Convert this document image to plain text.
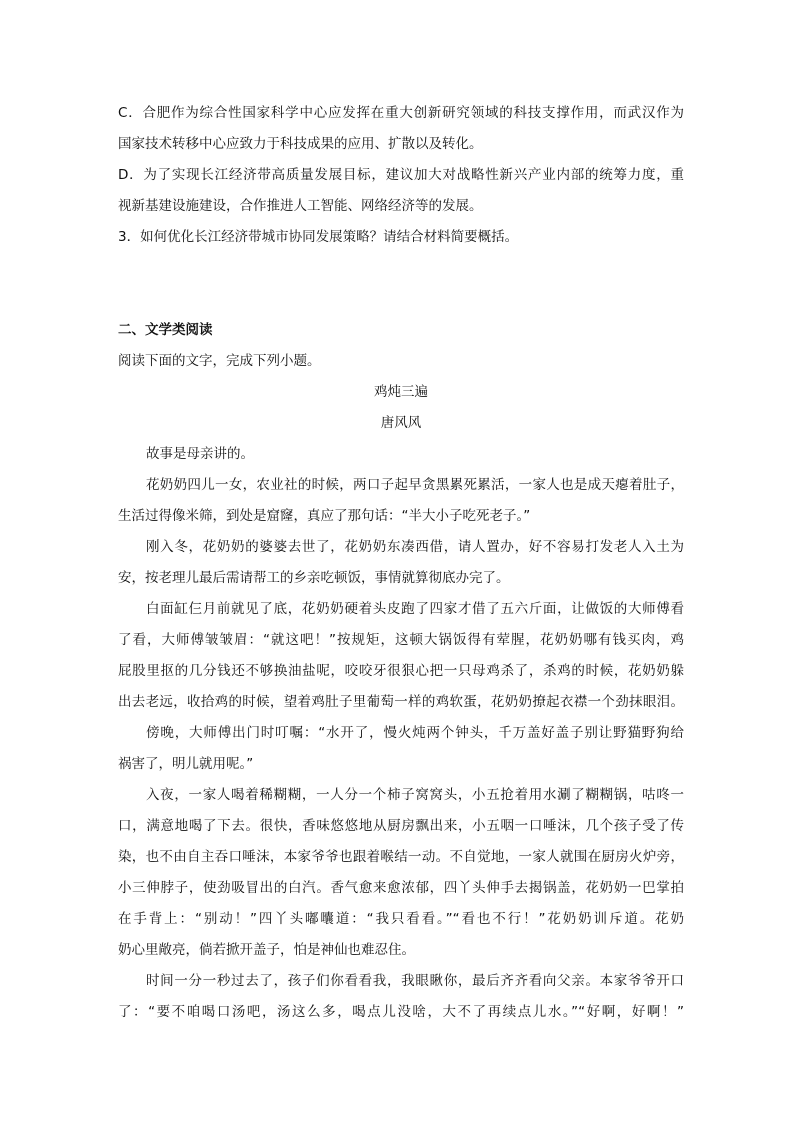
C．合肥作为综合性国家科学中心应发挥在重大创新研究领域的科技支撑作用，而武汉作为
国家技术转移中心应致力于科技成果的应用、扩散以及转化。
D．为了实现长江经济带高质量发展目标，建议加大对战略性新兴产业内部的统筹力度，重
视新基建设施建设，合作推进人工智能、网络经济等的发展。
3．如何优化长江经济带城市协同发展策略？请结合材料简要概括。
二、文学类阅读
阅读下面的文字，完成下列小题。
鸡炖三遍
唐风风
故事是母亲讲的。
花奶奶四儿一女，农业社的时候，两口子起早贪黑累死累活，一家人也是成天瘪着肚子，
生活过得像米筛，到处是窟窿，真应了那句话：“半大小子吃死老子。”
刚入冬，花奶奶的婆婆去世了，花奶奶东凑西借，请人置办，好不容易打发老人入土为
安，按老理儿最后需请帮工的乡亲吃顿饭，事情就算彻底办完了。
白面缸仨月前就见了底，花奶奶硬着头皮跑了四家才借了五六斤面，让做饭的大师傅看
了看，大师傅皱皱眉：“就这吧！”按规矩，这顿大锅饭得有荤腥，花奶奶哪有钱买肉，鸡
屁股里抠的几分钱还不够换油盐呢，咬咬牙很狠心把一只母鸡杀了，杀鸡的时候，花奶奶躲
出去老远，收拾鸡的时候，望着鸡肚子里葡萄一样的鸡软蛋，花奶奶撩起衣襟一个劲抹眼泪。
傍晚，大师傅出门时叮嘱：“水开了，慢火炖两个钟头，千万盖好盖子别让野猫野狗给
祸害了，明儿就用呢。”
入夜，一家人喝着稀糊糊，一人分一个柿子窝窝头，小五抢着用水涮了糊糊锅，咕咚一
口，满意地喝了下去。很快，香味悠悠地从厨房飘出来，小五咽一口唾沫，几个孩子受了传
染，也不由自主吞口唾沫，本家爷爷也跟着喉结一动。不自觉地，一家人就围在厨房火炉旁，
小三伸脖子，使劲吸冒出的白汽。香气愈来愈浓郁，四丫头伸手去揭锅盖，花奶奶一巴掌拍
在手背上：“别动！”四丫头嘟囔道：“我只看看。”“看也不行！”花奶奶训斥道。花奶
奶心里敞亮，倘若掀开盖子，怕是神仙也难忍住。
时间一分一秒过去了，孩子们你看看我，我眼瞅你，最后齐齐看向父亲。本家爷爷开口
了：“要不咱喝口汤吧，汤这么多，喝点儿没啥，大不了再续点儿水。”“好啊，好啊！”
